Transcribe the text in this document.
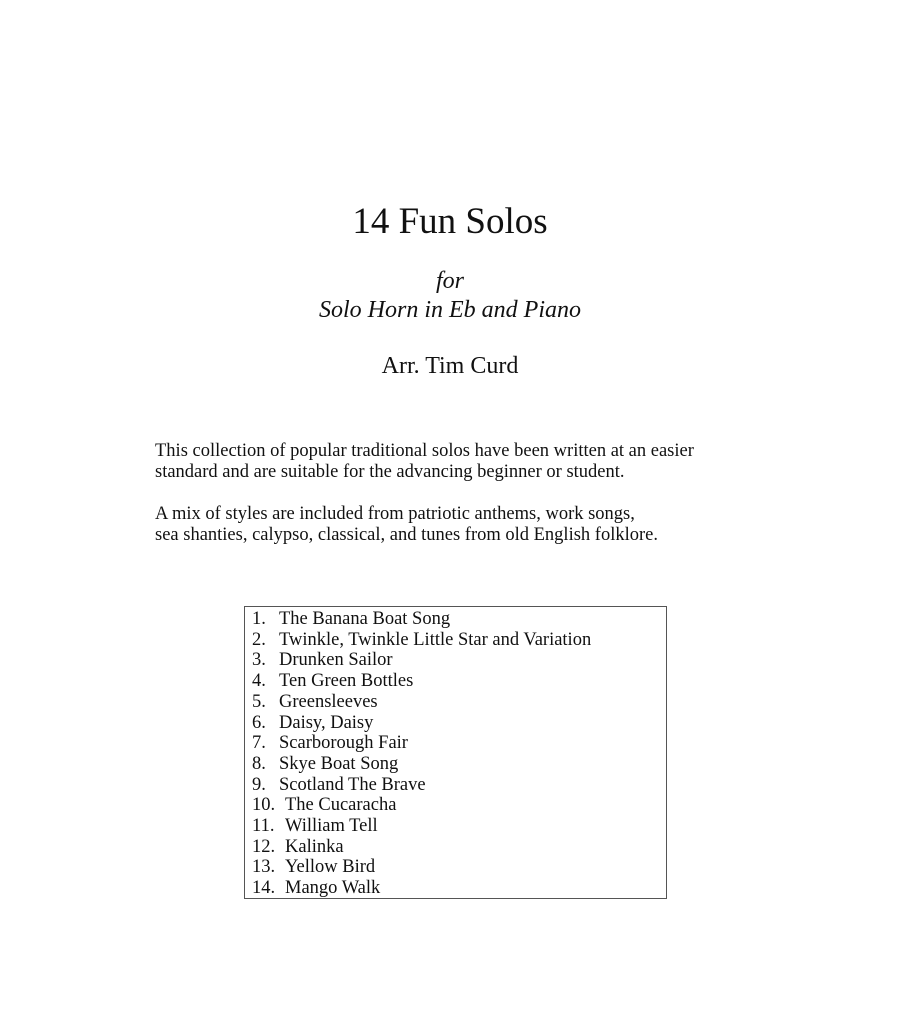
14 Fun Solos
for
Solo Horn in Eb and Piano
Arr. Tim Curd
This collection of popular traditional solos have been written at an easier
standard and are suitable for the advancing beginner or student.
A mix of styles are included from patriotic anthems, work songs,
sea shanties, calypso, classical, and tunes from old English folklore.
1. The Banana Boat Song
2. Twinkle, Twinkle Little Star and Variation
3. Drunken Sailor
4. Ten Green Bottles
5. Greensleeves
6. Daisy, Daisy
7. Scarborough Fair
8. Skye Boat Song
9. Scotland The Brave
10. The Cucaracha
11. William Tell
12. Kalinka
13. Yellow Bird
14. Mango Walk
